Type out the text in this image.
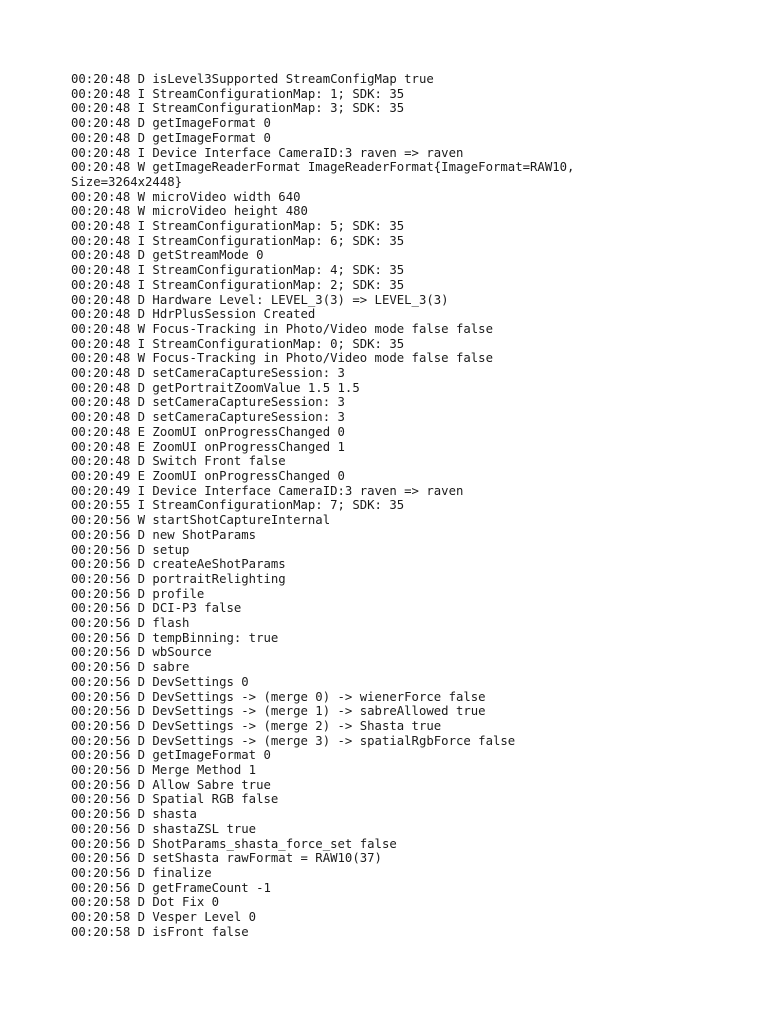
00:20:48 D isLevel3Supported StreamConfigMap true
00:20:48 I StreamConfigurationMap: 1; SDK: 35
00:20:48 I StreamConfigurationMap: 3; SDK: 35
00:20:48 D getImageFormat 0
00:20:48 D getImageFormat 0
00:20:48 I Device Interface CameraID:3 raven => raven
00:20:48 W getImageReaderFormat ImageReaderFormat{ImageFormat=RAW10,
Size=3264x2448}
00:20:48 W microVideo width 640
00:20:48 W microVideo height 480
00:20:48 I StreamConfigurationMap: 5; SDK: 35
00:20:48 I StreamConfigurationMap: 6; SDK: 35
00:20:48 D getStreamMode 0
00:20:48 I StreamConfigurationMap: 4; SDK: 35
00:20:48 I StreamConfigurationMap: 2; SDK: 35
00:20:48 D Hardware Level: LEVEL_3(3) => LEVEL_3(3)
00:20:48 D HdrPlusSession Created
00:20:48 W Focus-Tracking in Photo/Video mode false false
00:20:48 I StreamConfigurationMap: 0; SDK: 35
00:20:48 W Focus-Tracking in Photo/Video mode false false
00:20:48 D setCameraCaptureSession: 3
00:20:48 D getPortraitZoomValue 1.5 1.5
00:20:48 D setCameraCaptureSession: 3
00:20:48 D setCameraCaptureSession: 3
00:20:48 E ZoomUI onProgressChanged 0
00:20:48 E ZoomUI onProgressChanged 1
00:20:48 D Switch Front false
00:20:49 E ZoomUI onProgressChanged 0
00:20:49 I Device Interface CameraID:3 raven => raven
00:20:55 I StreamConfigurationMap: 7; SDK: 35
00:20:56 W startShotCaptureInternal
00:20:56 D new ShotParams
00:20:56 D setup
00:20:56 D createAeShotParams
00:20:56 D portraitRelighting
00:20:56 D profile
00:20:56 D DCI-P3 false
00:20:56 D flash
00:20:56 D tempBinning: true
00:20:56 D wbSource
00:20:56 D sabre
00:20:56 D DevSettings 0
00:20:56 D DevSettings -> (merge 0) -> wienerForce false
00:20:56 D DevSettings -> (merge 1) -> sabreAllowed true
00:20:56 D DevSettings -> (merge 2) -> Shasta true
00:20:56 D DevSettings -> (merge 3) -> spatialRgbForce false
00:20:56 D getImageFormat 0
00:20:56 D Merge Method 1
00:20:56 D Allow Sabre true
00:20:56 D Spatial RGB false
00:20:56 D shasta
00:20:56 D shastaZSL true
00:20:56 D ShotParams_shasta_force_set false
00:20:56 D setShasta rawFormat = RAW10(37)
00:20:56 D finalize
00:20:56 D getFrameCount -1
00:20:58 D Dot Fix 0
00:20:58 D Vesper Level 0
00:20:58 D isFront false
